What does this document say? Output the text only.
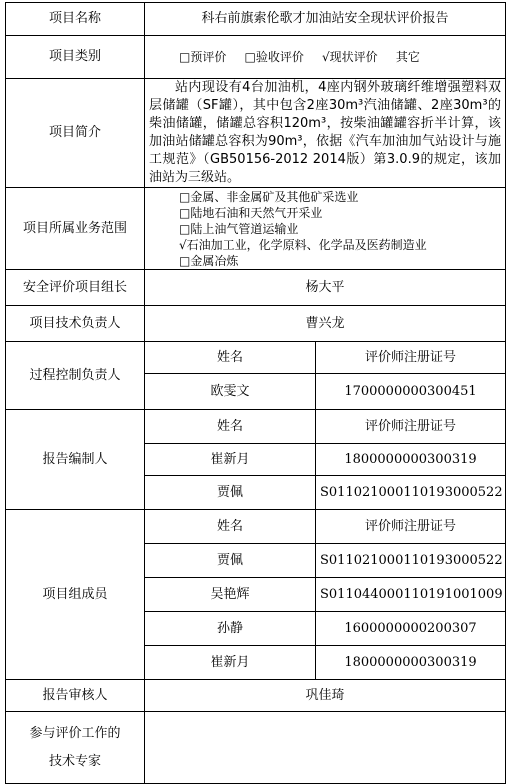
项目名称	科右前旗索伦歌才加油站安全现状评价报告	
项目类别	□预评价 □验收评价 √现状评价 其它	
项目简介	站内现设有4台加油机，4座内钢外玻璃纤维增强塑料双层储罐（SF罐），其中包含2座30m³汽油储罐、2座30m³的柴油储罐，储罐总容积120m³，按柴油罐罐容折半计算，该加油站储罐总容积为90m³，依据《汽车加油加气站设计与施工规范》（GB50156-2012 2014版）第3.0.9的规定，该加油站为三级站。	
项目所属业务范围	□金属、非金属矿及其他矿采选业
□陆地石油和天然气开采业
□陆上油气管道运输业
√石油加工业，化学原料、化学品及医药制造业
□金属冶炼	

安全评价项目组长	杨大平	
项目技术负责人	曹兴龙	
过程控制负责人	姓名	评价师注册证号
	欧雯文	1700000000300451
报告编制人	姓名	评价师注册证号
	崔新月	1800000000300319
	贾佩	S011021000110193000522
项目组成员	姓名	评价师注册证号
	贾佩	S011021000110193000522
	吴艳辉	S011044000110191001009
	孙静	1600000000200307
	崔新月	1800000000300319
报告审核人	巩佳琦	

参与评价工作的
技术专家		
